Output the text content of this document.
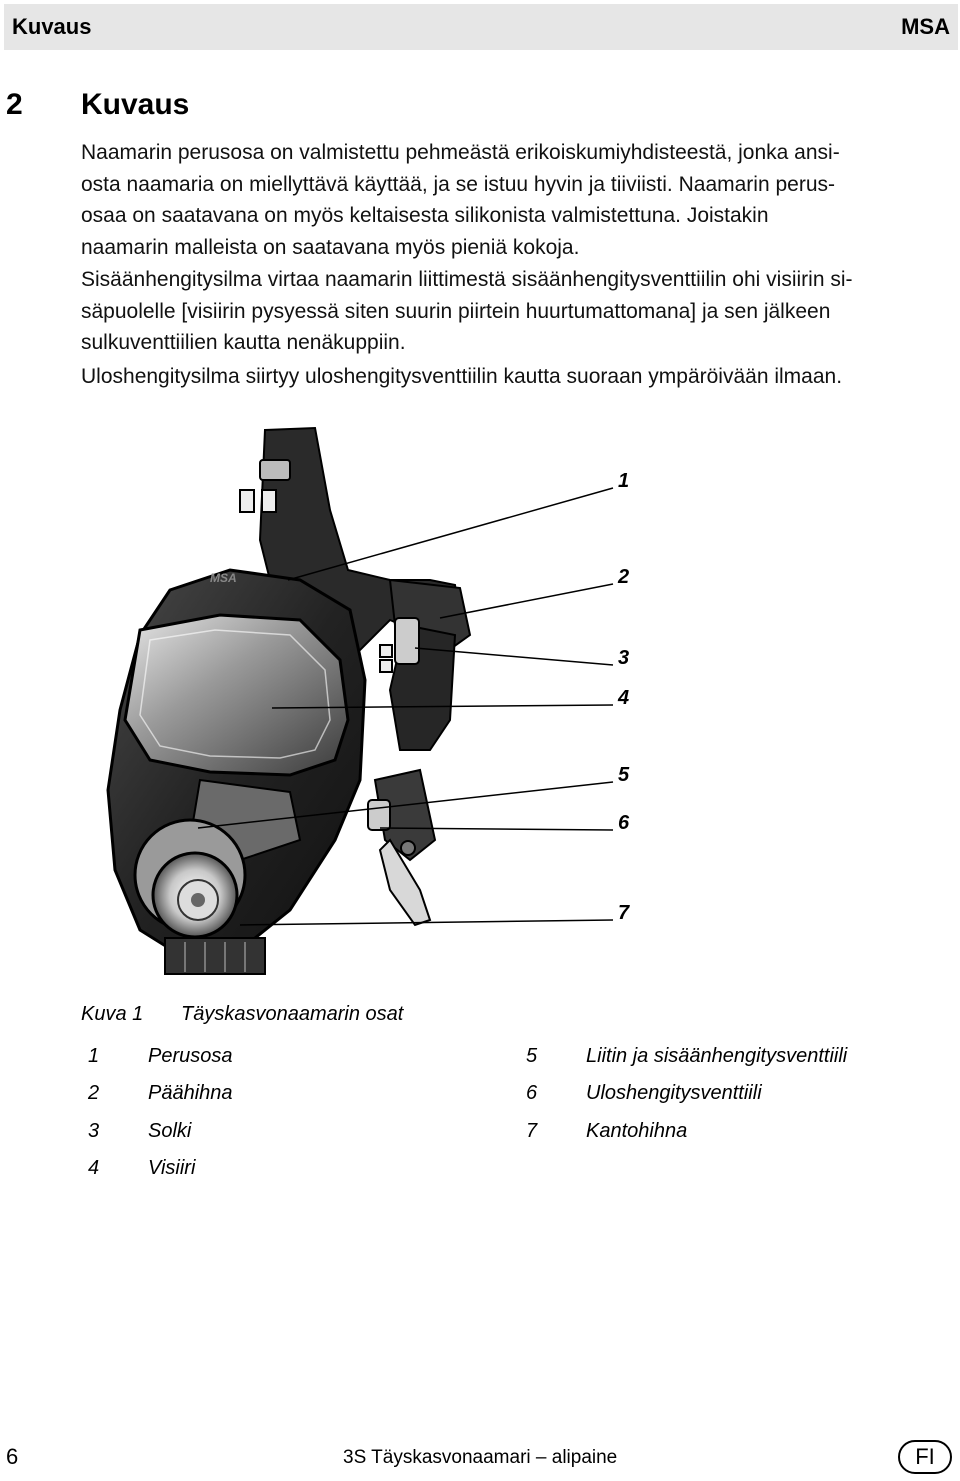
Kuvaus	MSA
2 Kuvaus
Naamarin perusosa on valmistettu pehmeästä erikoiskumiyhdisteestä, jonka ansi-
osta naamaria on miellyttävä käyttää, ja se istuu hyvin ja tiiviisti. Naamarin perus-
osaa on saatavana on myös keltaisesta silikonista valmistettuna. Joistakin
naamarin malleista on saatavana myös pieniä kokoja.
Sisäänhengitysilma virtaa naamarin liittimestä sisäänhengitysventtiilin ohi visiirin si-
säpuolelle [visiirin pysyessä siten suurin piirtein huurtumattomana] ja sen jälkeen
sulkuventtiilien kautta nenäkuppiin.
Uloshengitysilma siirtyy uloshengitysventtiilin kautta suoraan ympäröivään ilmaan.
MSA
1
2
3
4
5
6
7
Kuva 1 Täyskasvonaamarin osat
1 Perusosa
2 Päähihna
3 Solki
4 Visiiri
5 Liitin ja sisäänhengitysventtiili
6 Uloshengitysventtiili
7 Kantohihna
6	3S Täyskasvonaamari – alipaine	FI
